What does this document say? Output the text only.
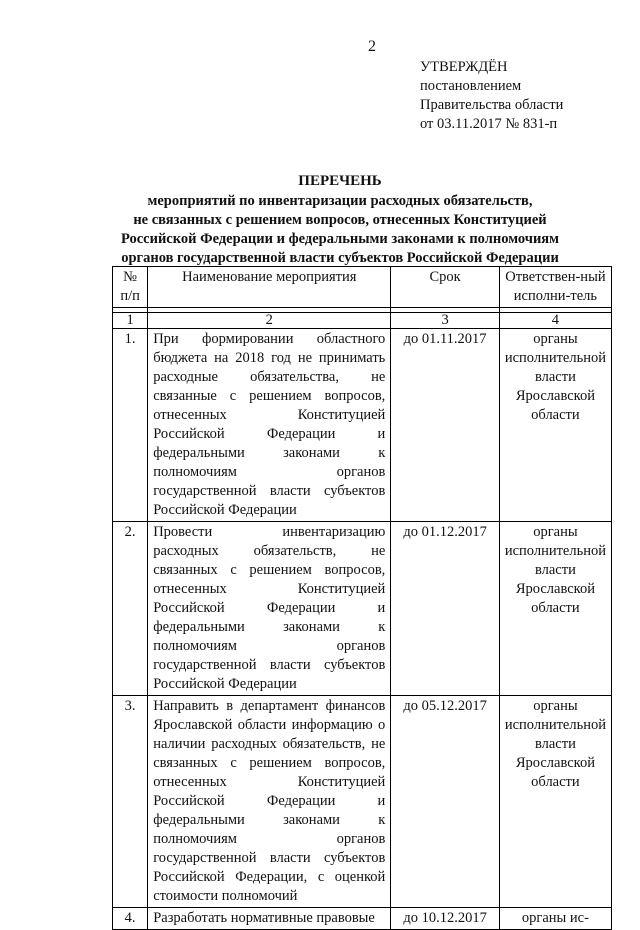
2
УТВЕРЖДЁН
постановлением
Правительства области
от 03.11.2017 № 831-п
ПЕРЕЧЕНЬ
мероприятий по инвентаризации расходных обязательств,
не связанных с решением вопросов, отнесенных Конституцией
Российской Федерации и федеральными законами к полномочиям
органов государственной власти субъектов Российской Федерации
№ п/п	Наименование мероприятия	Срок	Ответствен-ный исполни-тель

1	2	3	4
1.	При формировании областного бюджета на 2018 год не принимать расходные обязательства, не связанные с решением вопросов, отнесенных Конституцией Российской Федерации и федеральными законами к полномочиям органов государственной власти субъектов Российской Федерации	до 01.11.2017	органы исполнительной власти Ярославской области
2.	Провести инвентаризацию расходных обязательств, не связанных с решением вопросов, отнесенных Конституцией Российской Федерации и федеральными законами к полномочиям органов государственной власти субъектов Российской Федерации	до 01.12.2017	органы исполнительной власти Ярославской области
3.	Направить в департамент финансов Ярославской области информацию о наличии расходных обязательств, не связанных с решением вопросов, отнесенных Конституцией Российской Федерации и федеральными законами к полномочиям органов государственной власти субъектов Российской Федерации, с оценкой стоимости полномочий	до 05.12.2017	органы исполнительной власти Ярославской области
4.	Разработать нормативные правовые	до 10.12.2017	органы ис-
